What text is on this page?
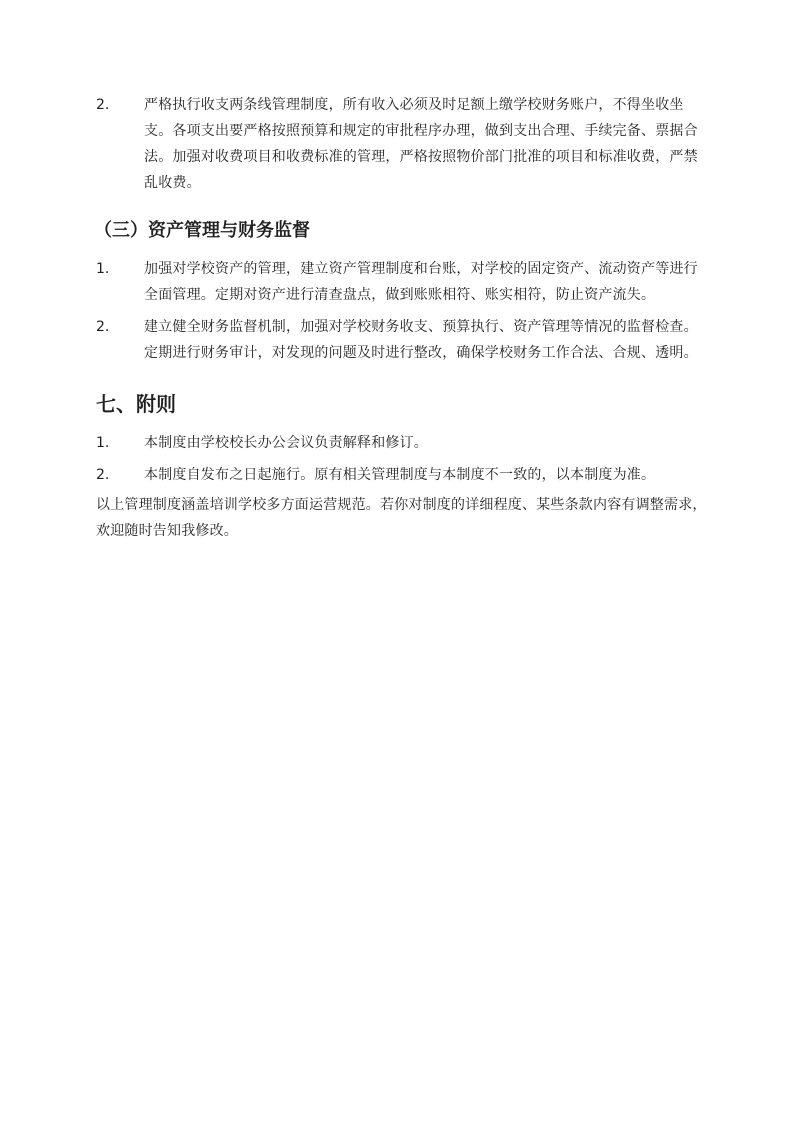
2.	严格执行收支两条线管理制度，所有收入必须及时足额上缴学校财务账户，不得坐收坐支。各项支出要严格按照预算和规定的审批程序办理，做到支出合理、手续完备、票据合法。加强对收费项目和收费标准的管理，严格按照物价部门批准的项目和标准收费，严禁乱收费。
（三）资产管理与财务监督
1.	加强对学校资产的管理，建立资产管理制度和台账，对学校的固定资产、流动资产等进行全面管理。定期对资产进行清查盘点，做到账账相符、账实相符，防止资产流失。
2.	建立健全财务监督机制，加强对学校财务收支、预算执行、资产管理等情况的监督检查。定期进行财务审计，对发现的问题及时进行整改，确保学校财务工作合法、合规、透明。
七、附则
1.	本制度由学校校长办公会议负责解释和修订。
2.	本制度自发布之日起施行。原有相关管理制度与本制度不一致的，以本制度为准。
以上管理制度涵盖培训学校多方面运营规范。若你对制度的详细程度、某些条款内容有调整需求，欢迎随时告知我修改。
